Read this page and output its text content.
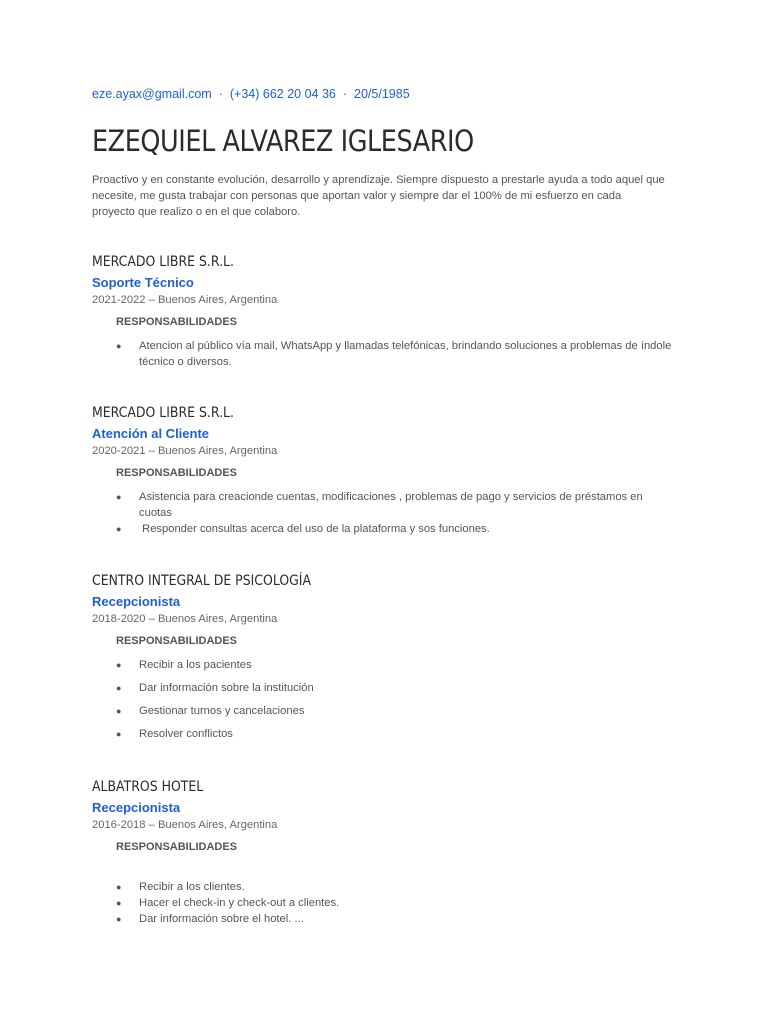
eze.ayax@gmail.com · (+34) 662 20 04 36 · 20/5/1985
EZEQUIEL ALVAREZ IGLESARIO

Proactivo y en constante evolución, desarrollo y aprendizaje. Siempre dispuesto a prestarle ayuda a todo aquel que necesite, me gusta trabajar con personas que aportan valor y siempre dar el 100% de mi esfuerzo en cada proyecto que realizo o en el que colaboro.

MERCADO LIBRE S.R.L.
Soporte Técnico
2021-2022 – Buenos Aires, Argentina
RESPONSABILIDADES
● Atencion al público vía mail, WhatsApp y llamadas telefónicas, brindando soluciones a problemas de índole técnico o diversos.
MERCADO LIBRE S.R.L.
Atención al Cliente
2020-2021 – Buenos Aires, Argentina
RESPONSABILIDADES
● Asistencia para creacionde cuentas, modificaciones , problemas de pago y servicios de préstamos en cuotas
● Responder consultas acerca del uso de la plataforma y sos funciones.
CENTRO INTEGRAL DE PSICOLOGÍA
Recepcionista
2018-2020 – Buenos Aires, Argentina
RESPONSABILIDADES
● Recibir a los pacientes
● Dar información sobre la institución
● Gestionar turnos y cancelaciones
● Resolver conflictos
ALBATROS HOTEL
Recepcionista
2016-2018 – Buenos Aires, Argentina
RESPONSABILIDADES
● Recibir a los clientes.
● Hacer el check-in y check-out a clientes.
● Dar información sobre el hotel. ...
